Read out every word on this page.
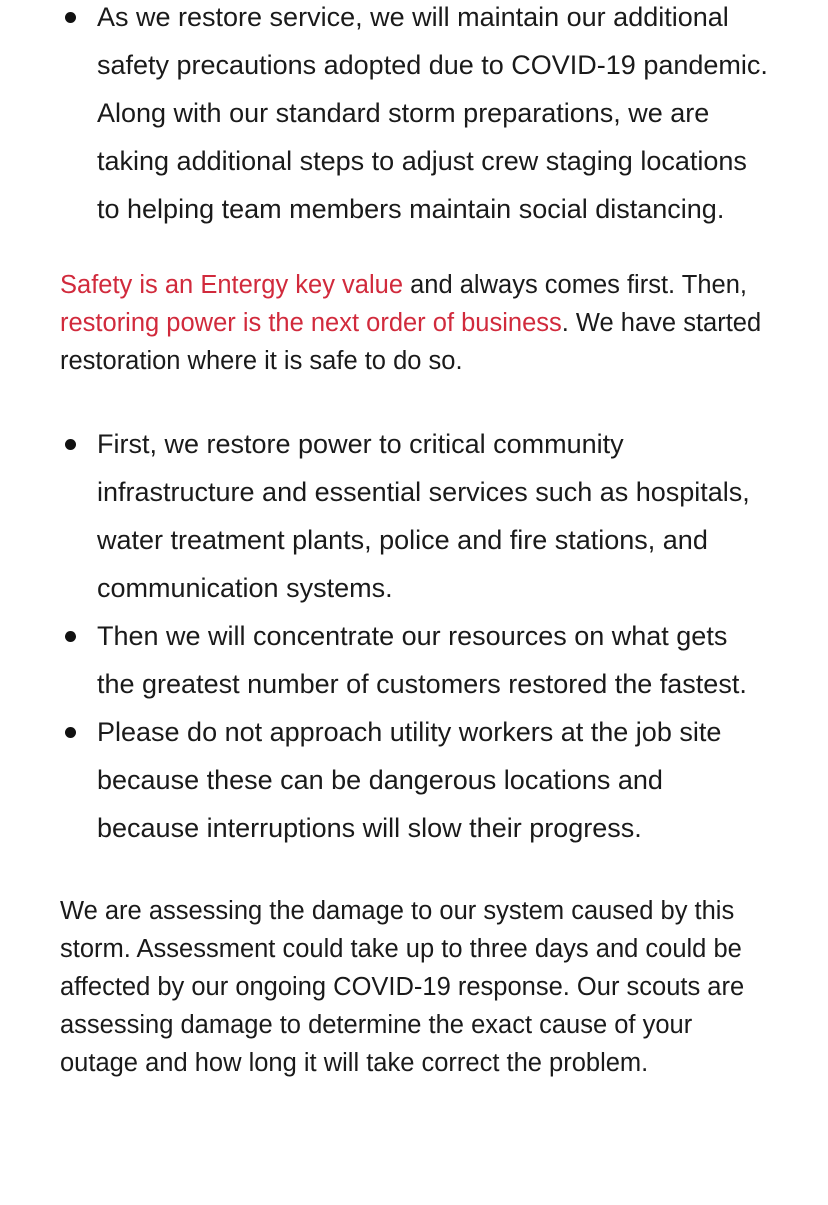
As we restore service, we will maintain our additional safety precautions adopted due to COVID-19 pandemic. Along with our standard storm preparations, we are taking additional steps to adjust crew staging locations to helping team members maintain social distancing.

Safety is an Entergy key value and always comes first. Then, restoring power is the next order of business. We have started restoration where it is safe to do so.

First, we restore power to critical community infrastructure and essential services such as hospitals, water treatment plants, police and fire stations, and communication systems.
Then we will concentrate our resources on what gets the greatest number of customers restored the fastest.
Please do not approach utility workers at the job site because these can be dangerous locations and because interruptions will slow their progress.

We are assessing the damage to our system caused by this storm. Assessment could take up to three days and could be affected by our ongoing COVID-19 response. Our scouts are assessing damage to determine the exact cause of your outage and how long it will take correct the problem.
